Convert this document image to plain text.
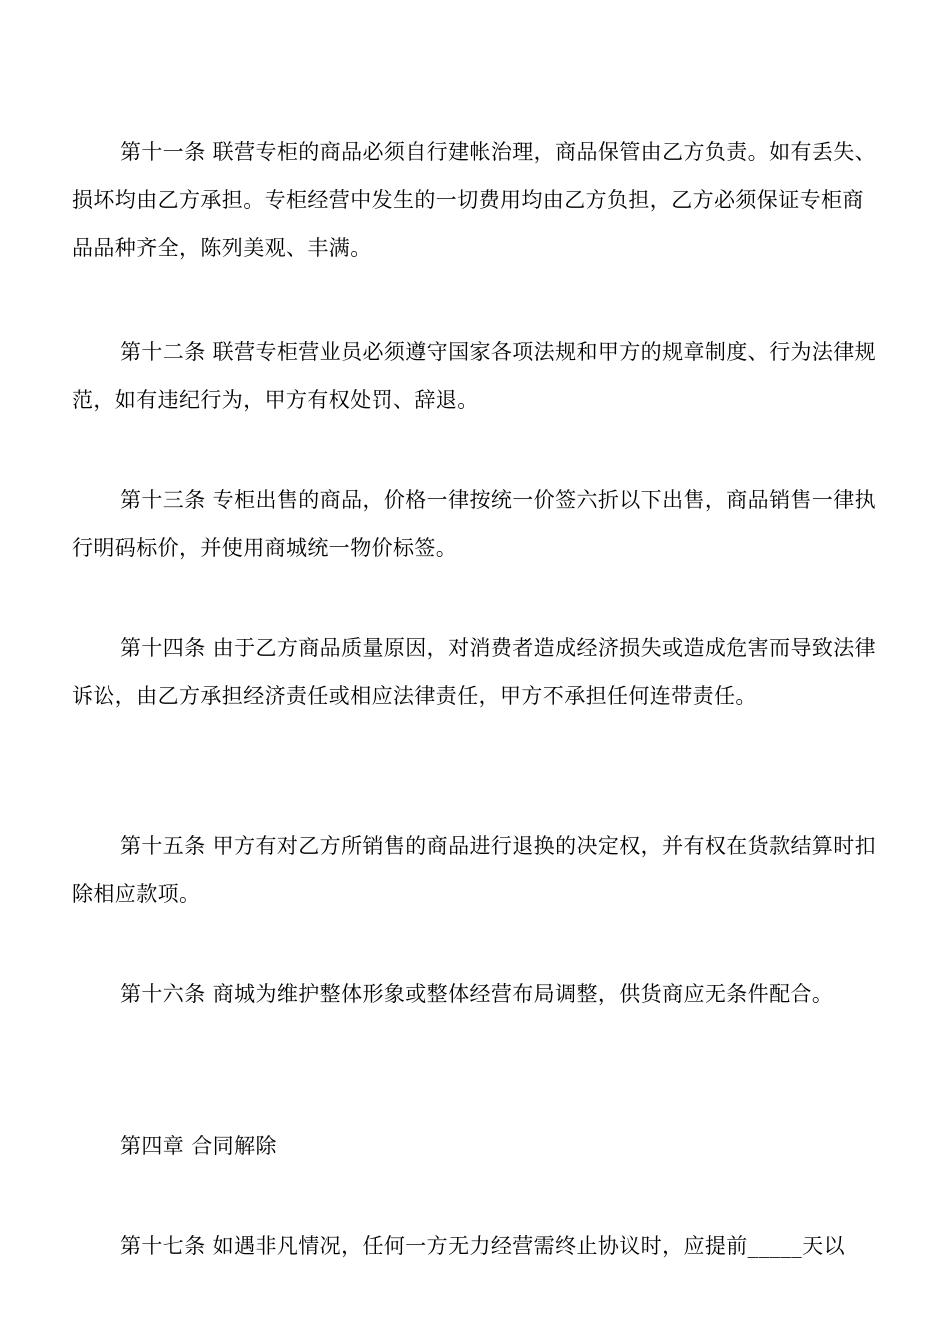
第十一条 联营专柜的商品必须自行建帐治理，商品保管由乙方负责。如有丢失、损坏均由乙方承担。专柜经营中发生的一切费用均由乙方负担，乙方必须保证专柜商品品种齐全，陈列美观、丰满。

第十二条 联营专柜营业员必须遵守国家各项法规和甲方的规章制度、行为法律规范，如有违纪行为，甲方有权处罚、辞退。

第十三条 专柜出售的商品，价格一律按统一价签六折以下出售，商品销售一律执行明码标价，并使用商城统一物价标签。

第十四条 由于乙方商品质量原因，对消费者造成经济损失或造成危害而导致法律诉讼，由乙方承担经济责任或相应法律责任，甲方不承担任何连带责任。

第十五条 甲方有对乙方所销售的商品进行退换的决定权，并有权在货款结算时扣除相应款项。

第十六条 商城为维护整体形象或整体经营布局调整，供货商应无条件配合。

第四章 合同解除

第十七条 如遇非凡情况，任何一方无力经营需终止协议时，应提前_____天以
